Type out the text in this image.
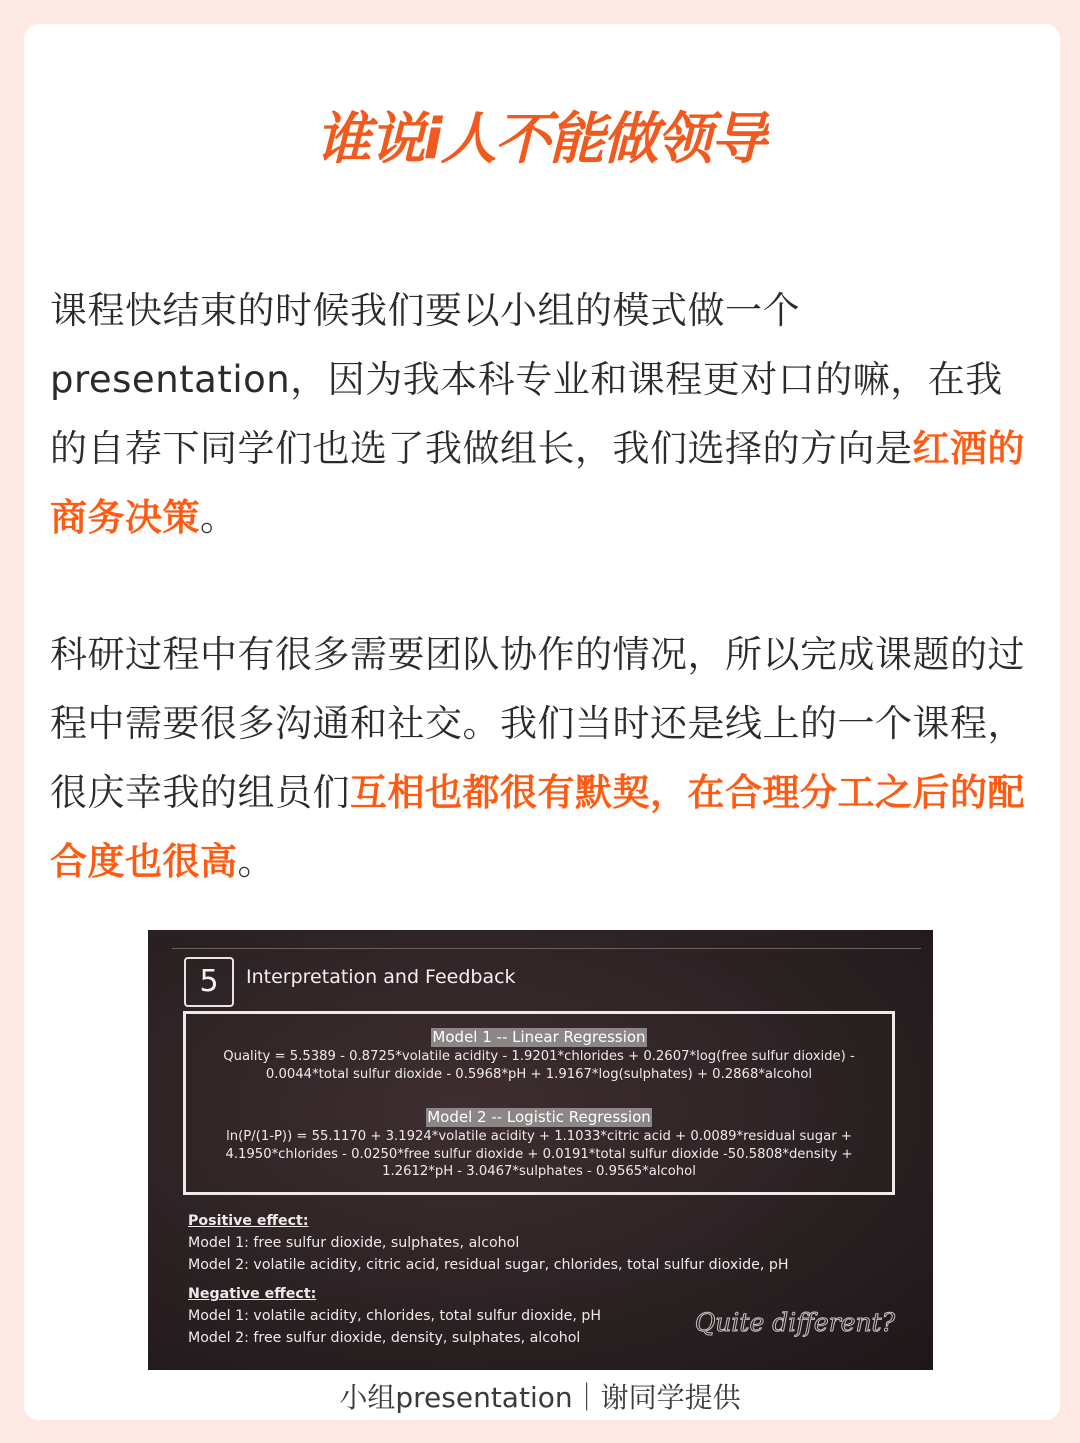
谁说i人不能做领导
课程快结束的时候我们要以小组的模式做一个presentation，因为我本科专业和课程更对口的嘛，在我的自荐下同学们也选了我做组长，我们选择的方向是红酒的商务决策。
科研过程中有很多需要团队协作的情况，所以完成课题的过程中需要很多沟通和社交。我们当时还是线上的一个课程，很庆幸我的组员们互相也都很有默契，在合理分工之后的配合度也很高。
5	Interpretation and Feedback
Model 1 -- Linear Regression
Quality = 5.5389 - 0.8725*volatile acidity - 1.9201*chlorides + 0.2607*log(free sulfur dioxide) -
0.0044*total sulfur dioxide - 0.5968*pH + 1.9167*log(sulphates) + 0.2868*alcohol
Model 2 -- Logistic Regression
ln(P/(1-P)) = 55.1170 + 3.1924*volatile acidity + 1.1033*citric acid + 0.0089*residual sugar +
4.1950*chlorides - 0.0250*free sulfur dioxide + 0.0191*total sulfur dioxide -50.5808*density +
1.2612*pH - 3.0467*sulphates - 0.9565*alcohol
Positive effect:
Model 1: free sulfur dioxide, sulphates, alcohol
Model 2: volatile acidity, citric acid, residual sugar, chlorides, total sulfur dioxide, pH
Negative effect:
Model 1: volatile acidity, chlorides, total sulfur dioxide, pH
Model 2: free sulfur dioxide, density, sulphates, alcohol
Quite different?
小组presentation｜谢同学提供
